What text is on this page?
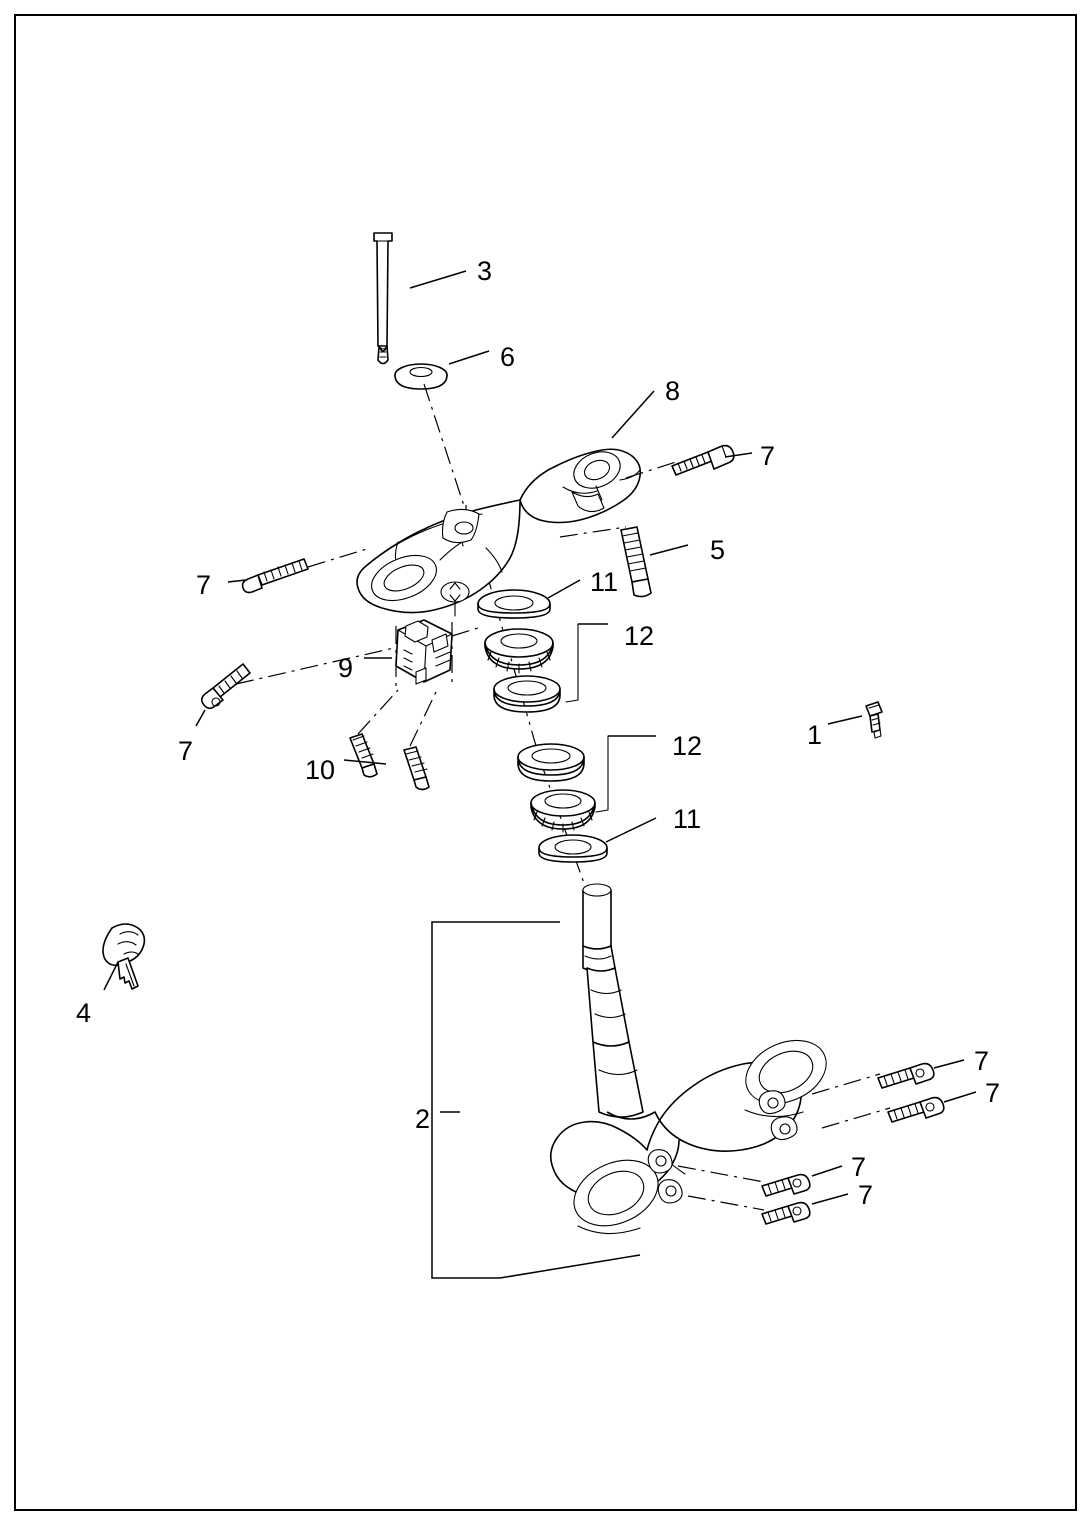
3
6
8
7
7
5
11
12
9
7
10
12	1
11
4
2
7
7
7
7
